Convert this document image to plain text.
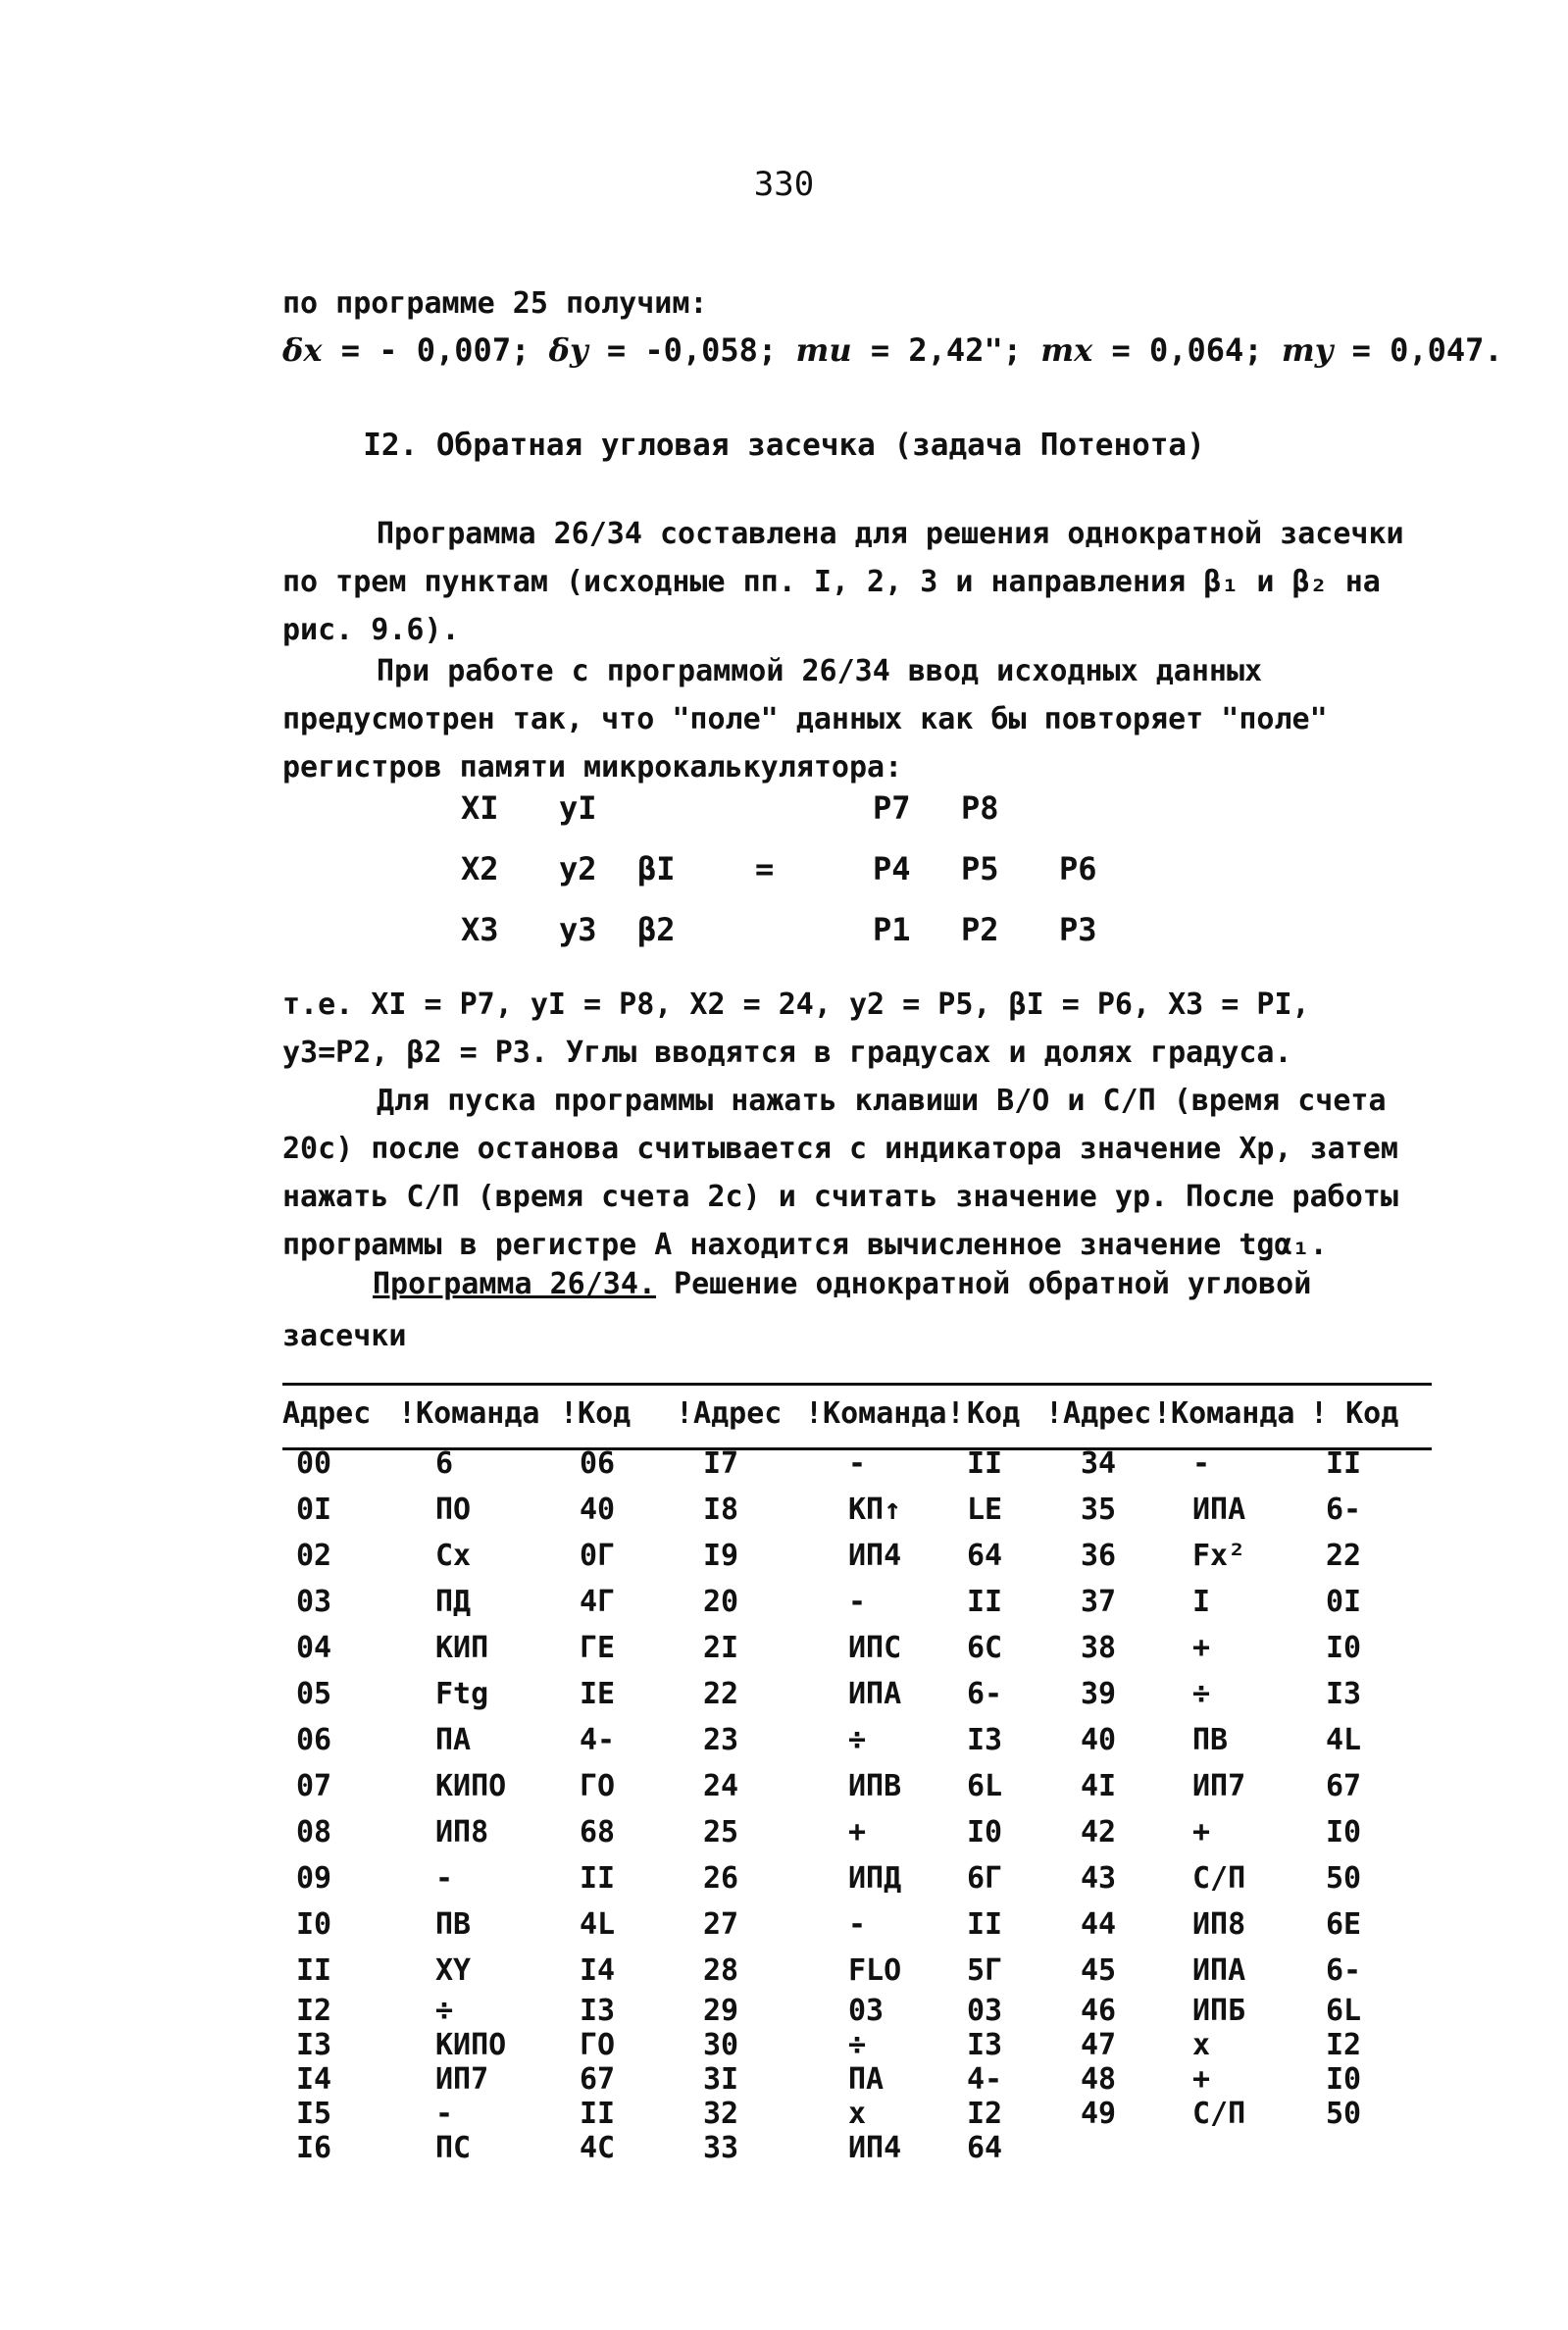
330
по программе 25 получим:
δx = - 0,007; δy = -0,058; mu = 2,42"; mx = 0,064; my = 0,047.
I2. Обратная угловая засечка (задача Потенота)

Программа 26/34 составлена для решения однократной засечки по трем пунктам (исходные пп. I, 2, 3 и направления β₁ и β₂ на рис. 9.6).

При работе с программой 26/34 ввод исходных данных предусмотрен так, что "поле" данных как бы повторяет "поле" регистров памяти микрокалькулятора:

XI yI	P7 P8
X2 y2 βI	=	P4 P5 P6
X3 y3 β2	P1 P2 P3

т.е. XI = P7, yI = P8, X2 = 24, y2 = P5, βI = P6, X3 = PI, y3=P2, β2 = P3. Углы вводятся в градусах и долях градуса.

Для пуска программы нажать клавиши В/О и С/П (время счета 20с) после останова считывается с индикатора значение Xp, затем нажать С/П (время счета 2с) и считать значение yp. После работы программы в регистре А находится вычисленное значение tgα₁.

Программа 26/34. Решение однократной обратной угловой
засечки
Адрес	!Команда	!Код	!Адрес	!Команда!	Код	!Адрес	!Команда	! Код
00	6	06	I7	-	II	34	-	II
0I	ПО	40	I8	КП↑	LE	35	ИПА	6-
02	Cx	0Г	I9	ИП4	64	36	Fx²	22
03	ПД	4Г	20	-	II	37	I	0I
04	КИП	ГЕ	2I	ИПС	6C	38	+	I0
05	Ftg	IE	22	ИПА	6-	39	÷	I3
06	ПА	4-	23	÷	I3	40	ПВ	4L
07	КИПО	ГО	24	ИПВ	6L	4I	ИП7	67
08	ИП8	68	25	+	I0	42	+	I0
09	-	II	26	ИПД	6Г	43	С/П	50
I0	ПВ	4L	27	-	II	44	ИП8	6E
II	XY	I4	28	FLO	5Г	45	ИПА	6-
I2	÷	I3	29	03	03	46	ИПБ	6L
I3	КИПО	ГО	30	÷	I3	47	x	I2
I4	ИП7	67	3I	ПА	4-	48	+	I0
I5	-	II	32	x	I2	49	С/П	50
I6	ПС	4C	33	ИП4	64			
